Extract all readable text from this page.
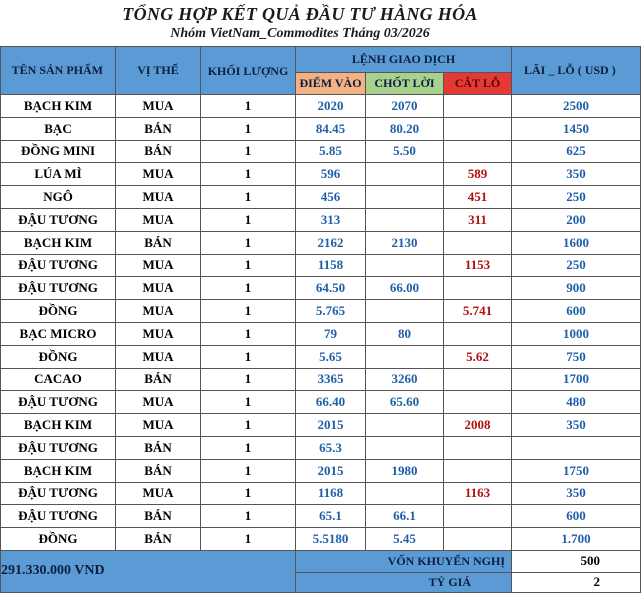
TỔNG HỢP KẾT QUẢ ĐẦU TƯ HÀNG HÓA
Nhóm VietNam_Commodites Tháng 03/2026
TÊN SẢN PHẨM	VỊ THẾ	KHỐI LƯỢNG	LỆNH GIAO DỊCH			LÃI _ LỖ ( USD )
			ĐIỂM VÀO	CHỐT LỜI	CẮT LỖ	
BẠCH KIM	MUA	1	2020	2070		2500
BẠC	BÁN	1	84.45	80.20		1450
ĐỒNG MINI	BÁN	1	5.85	5.50		625
LÚA MÌ	MUA	1	596		589	350
NGÔ	MUA	1	456		451	250
ĐẬU TƯƠNG	MUA	1	313		311	200
BẠCH KIM	BÁN	1	2162	2130		1600
ĐẬU TƯƠNG	MUA	1	1158		1153	250
ĐẬU TƯƠNG	MUA	1	64.50	66.00		900
ĐỒNG	MUA	1	5.765		5.741	600
BẠC MICRO	MUA	1	79	80		1000
ĐỒNG	MUA	1	5.65		5.62	750
CACAO	BÁN	1	3365	3260		1700
ĐẬU TƯƠNG	MUA	1	66.40	65.60		480
BẠCH KIM	MUA	1	2015		2008	350
ĐẬU TƯƠNG	BÁN	1	65.3			
BẠCH KIM	BÁN	1	2015	1980		1750
ĐẬU TƯƠNG	MUA	1	1168		1163	350
ĐẬU TƯƠNG	BÁN	1	65.1	66.1		600
ĐỒNG	BÁN	1	5.5180	5.45		1.700
291.330.000 VND			VỐN KHUYẾN NGHỊ			500
			TỶ GIÁ			2
